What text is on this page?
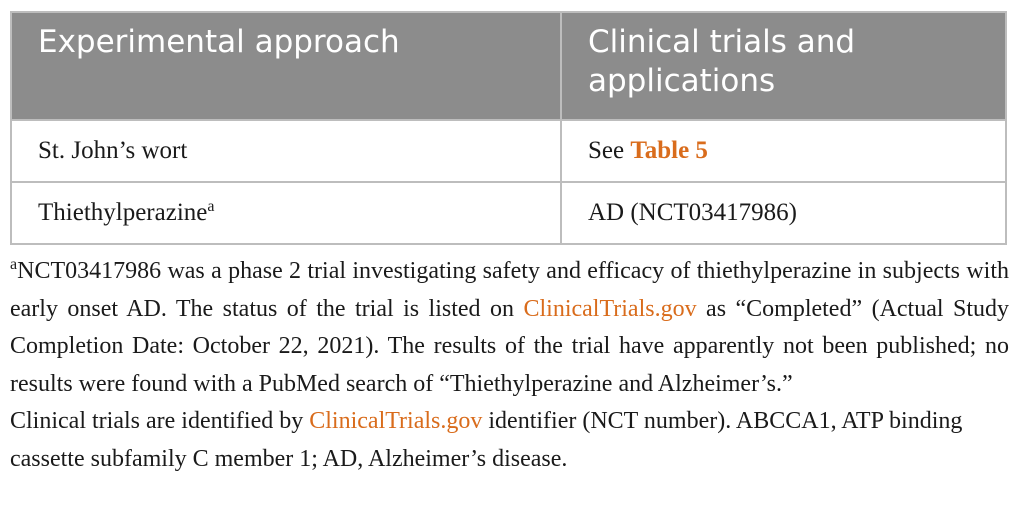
Experimental approach	Clinical trials and applications
St. John’s wort	See Table 5
Thiethylperazine$^a$	AD (NCT03417986)

$^a$NCT03417986 was a phase 2 trial investigating safety and efficacy of thiethylperazine in subjects with early onset AD. The status of the trial is listed on ClinicalTrials.gov as “Completed” (Actual Study Completion Date: October 22, 2021). The results of the trial have apparently not been published; no results were found with a PubMed search of “Thiethylperazine and Alzheimer’s.”

Clinical trials are identified by ClinicalTrials.gov identifier (NCT number). ABCCA1, ATP binding cassette subfamily C member 1; AD, Alzheimer’s disease.
